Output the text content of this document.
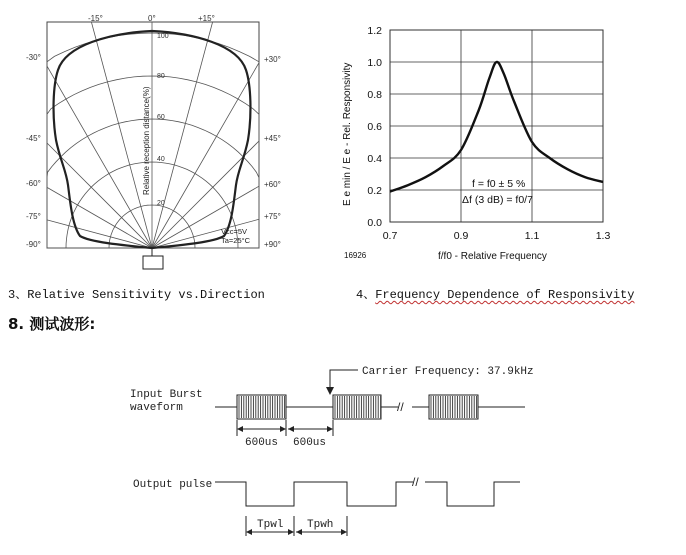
-15°	0°	+15°
-30°
-45°
-60°
-75°
-90°
+30°
+45°
+60°
+75°
+90°
100
80
60
40
20
Relative reception distance(%)
Vcc=5V
Ta=25°C
0.0
0.2
0.4
0.6
0.8
1.0
1.2
0.7	0.9	1.1	1.3
E e min / E e - Rel. Responsivity	f = f0 ± 5 %
Δf (3 dB) = f0/7
16926	f/f0 - Relative Frequency
3、Relative Sensitivity vs.Direction	4、Frequency Dependence of Responsivity
8. 测试波形:
Input Burst
waveform
Carrier Frequency: 37.9kHz
//
600us 600us
Output pulse	//
Tpwl Tpwh
